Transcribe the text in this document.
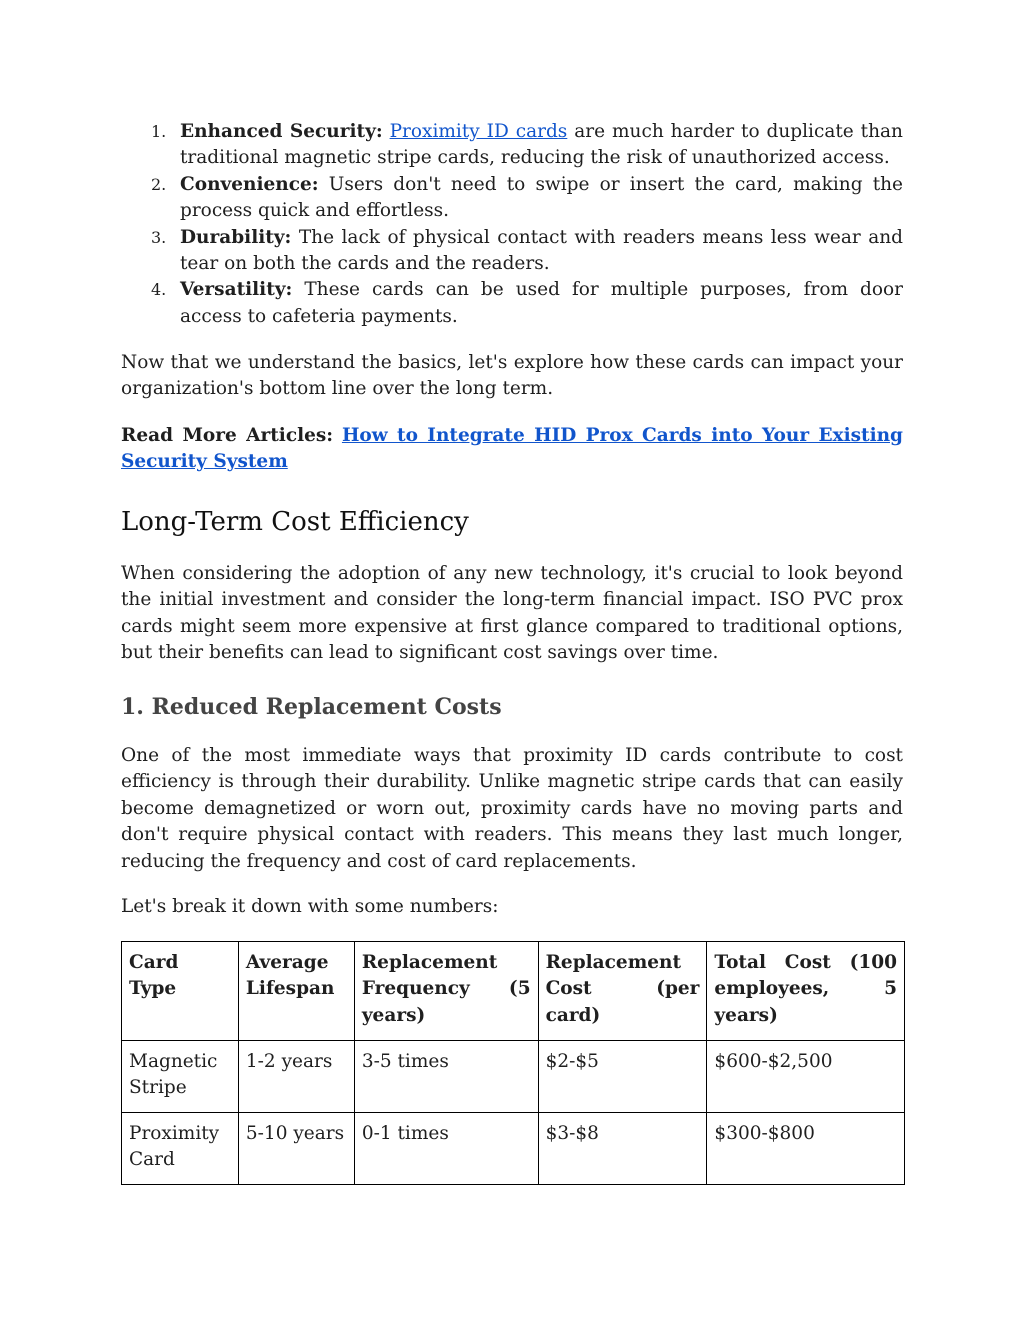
1. Enhanced Security: Proximity ID cards are much harder to duplicate than traditional magnetic stripe cards, reducing the risk of unauthorized access.
2. Convenience: Users don't need to swipe or insert the card, making the process quick and effortless.
3. Durability: The lack of physical contact with readers means less wear and tear on both the cards and the readers.
4. Versatility: These cards can be used for multiple purposes, from door access to cafeteria payments.

Now that we understand the basics, let's explore how these cards can impact your organization's bottom line over the long term.

Read More Articles: How to Integrate HID Prox Cards into Your Existing Security System

Long-Term Cost Efficiency

When considering the adoption of any new technology, it's crucial to look beyond the initial investment and consider the long-term financial impact. ISO PVC prox cards might seem more expensive at first glance compared to traditional options, but their benefits can lead to significant cost savings over time.

1. Reduced Replacement Costs

One of the most immediate ways that proximity ID cards contribute to cost efficiency is through their durability. Unlike magnetic stripe cards that can easily become demagnetized or worn out, proximity cards have no moving parts and don't require physical contact with readers. This means they last much longer, reducing the frequency and cost of card replacements.

Let's break it down with some numbers:

Card Type	Average Lifespan	Replacement Frequency (5 years)	Replacement Cost (per card)	Total Cost (100 employees, 5 years)
Magnetic Stripe	1-2 years	3-5 times	$2-$5	$600-$2,500
Proximity Card	5-10 years	0-1 times	$3-$8	$300-$800
